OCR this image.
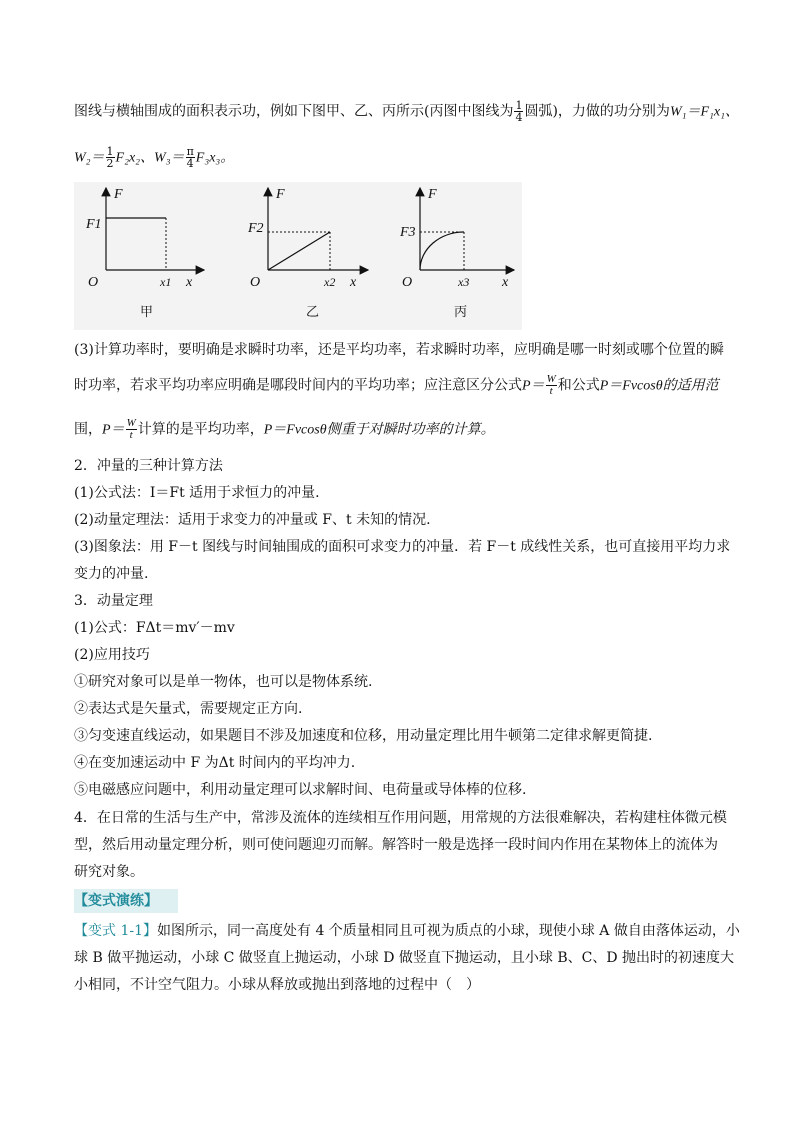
图线与横轴围成的面积表示功，例如下图甲、乙、丙所示(丙图中图线为 $\frac{1}{4}$ 圆弧)，力做的功分别为W₁＝F₁x₁、
$W_2= \frac{1}{2} F_2x_2$、$W_3= \frac{\pi}{4} F_3x_3$。
F
F1
O	x1 x
甲
F
F2
O	x2 x
乙
F
F3
O	x3 x
丙
(3)计算功率时，要明确是求瞬时功率，还是平均功率，若求瞬时功率，应明确是哪一时刻或哪个位置的瞬
时功率，若求平均功率应明确是哪段时间内的平均功率；应注意区分公式$P= \frac{W}{t}$ 和公式P＝Fvcosθ的适用范
围，$P= \frac{W}{t}$ 计算的是平均功率，P＝Fvcosθ侧重于对瞬时功率的计算。
2．冲量的三种计算方法
(1)公式法：I＝Ft 适用于求恒力的冲量.
(2)动量定理法：适用于求变力的冲量或 F、t 未知的情况.
(3)图象法：用 F－t 图线与时间轴围成的面积可求变力的冲量．若 F－t 成线性关系，也可直接用平均力求
变力的冲量.
3．动量定理
(1)公式：FΔt＝mv′－mv
(2)应用技巧
①研究对象可以是单一物体，也可以是物体系统.
②表达式是矢量式，需要规定正方向.
③匀变速直线运动，如果题目不涉及加速度和位移，用动量定理比用牛顿第二定律求解更简捷.
④在变加速运动中 F 为Δt 时间内的平均冲力.
⑤电磁感应问题中，利用动量定理可以求解时间、电荷量或导体棒的位移.
4．在日常的生活与生产中，常涉及流体的连续相互作用问题，用常规的方法很难解决，若构建柱体微元模
型，然后用动量定理分析，则可使问题迎刃而解。解答时一般是选择一段时间内作用在某物体上的流体为
研究对象。
【变式演练】
【变式 1-1】如图所示，同一高度处有 4 个质量相同且可视为质点的小球，现使小球 A 做自由落体运动，小
球 B 做平抛运动，小球 C 做竖直上抛运动，小球 D 做竖直下抛运动，且小球 B、C、D 抛出时的初速度大
小相同，不计空气阻力。小球从释放或抛出到落地的过程中（　）
